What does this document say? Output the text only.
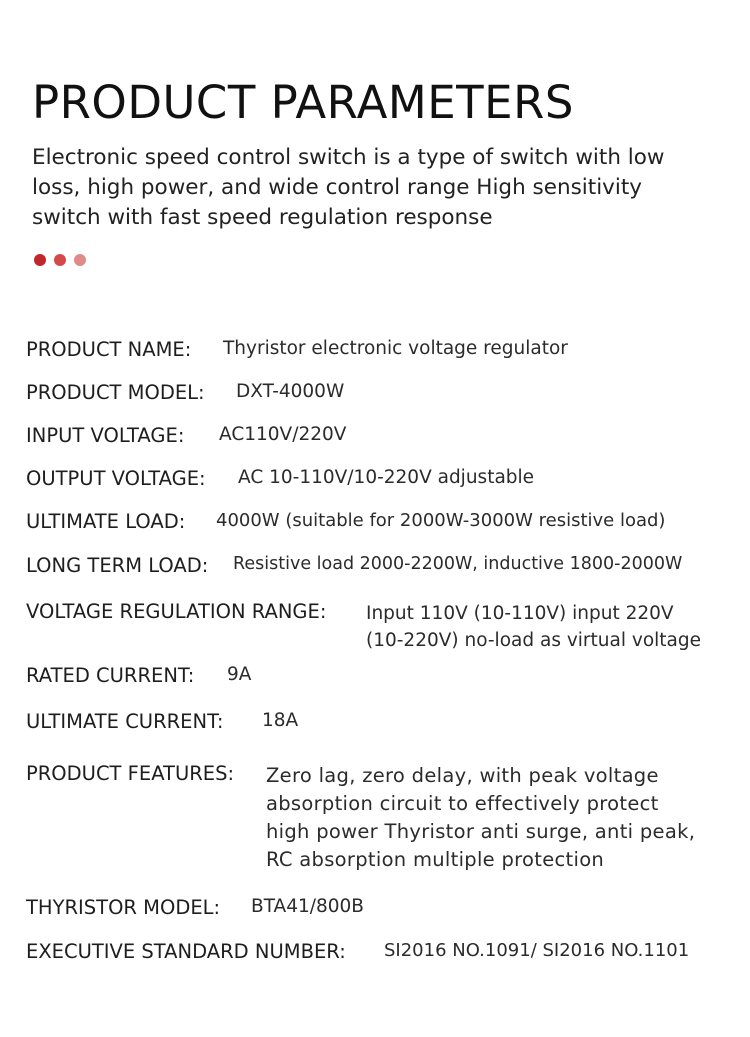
PRODUCT PARAMETERS

Electronic speed control switch is a type of switch with low
loss, high power, and wide control range High sensitivity
switch with fast speed regulation response

PRODUCT NAME: Thyristor electronic voltage regulator
PRODUCT MODEL: DXT-4000W
INPUT VOLTAGE: AC110V/220V
OUTPUT VOLTAGE: AC 10-110V/10-220V adjustable
ULTIMATE LOAD: 4000W (suitable for 2000W-3000W resistive load)
LONG TERM LOAD: Resistive load 2000-2200W, inductive 1800-2000W
VOLTAGE REGULATION RANGE: Input 110V (10-110V) input 220V
(10-220V) no-load as virtual voltage
RATED CURRENT: 9A
ULTIMATE CURRENT: 18A
PRODUCT FEATURES: Zero lag, zero delay, with peak voltage
absorption circuit to effectively protect
high power Thyristor anti surge, anti peak,
RC absorption multiple protection
THYRISTOR MODEL: BTA41/800B
EXECUTIVE STANDARD NUMBER: SI2016 NO.1091/ SI2016 NO.1101
